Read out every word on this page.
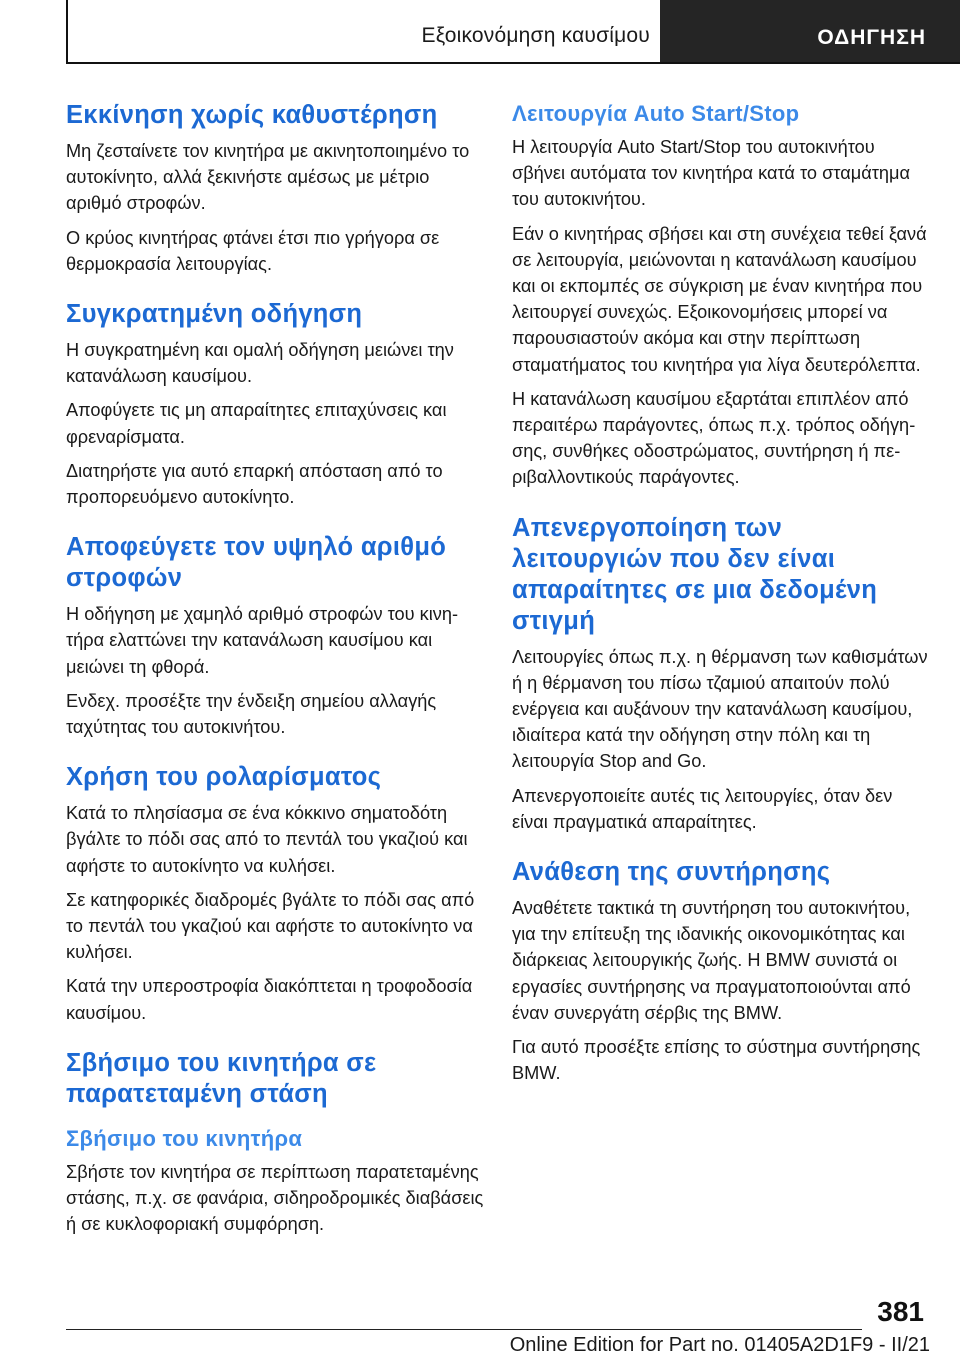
Εξοικονόμηση καυσίμου	ΟΔΗΓΗΣΗ
Εκκίνηση χωρίς καθυστέρηση

Μη ζεσταίνετε τον κινητήρα με ακινητοποιημένο το αυτοκίνητο, αλλά ξεκινήστε αμέσως με μέτριο αριθμό στροφών.

Ο κρύος κινητήρας φτάνει έτσι πιο γρήγορα σε θερμοκρασία λειτουργίας.

Συγκρατημένη οδήγηση

Η συγκρατημένη και ομαλή οδήγηση μειώνει την κατανάλωση καυσίμου.

Αποφύγετε τις μη απαραίτητες επιταχύνσεις και φρεναρίσματα.

Διατηρήστε για αυτό επαρκή απόσταση από το προπορευόμενο αυτοκίνητο.

Αποφεύγετε τον υψηλό αριθμό στροφών

Η οδήγηση με χαμηλό αριθμό στροφών του κινητήρα ελαττώνει την κατανάλωση καυσίμου και μειώνει τη φθορά.

Ενδεχ. προσέξτε την ένδειξη σημείου αλλαγής ταχύτητας του αυτοκινήτου.

Χρήση του ρολαρίσματος

Κατά το πλησίασμα σε ένα κόκκινο σηματοδότη βγάλτε το πόδι σας από το πεντάλ του γκαζιού και αφήστε το αυτοκίνητο να κυλήσει.

Σε κατηφορικές διαδρομές βγάλτε το πόδι σας από το πεντάλ του γκαζιού και αφήστε το αυτοκίνητο να κυλήσει.

Κατά την υπεροστροφία διακόπτεται η τροφοδοσία καυσίμου.

Σβήσιμο του κινητήρα σε παρατεταμένη στάση
Σβήσιμο του κινητήρα

Σβήστε τον κινητήρα σε περίπτωση παρατεταμένης στάσης, π.χ. σε φανάρια, σιδηροδρομικές διαβάσεις ή σε κυκλοφοριακή συμφόρηση.

Λειτουργία Auto Start/Stop

Η λειτουργία Auto Start/Stop του αυτοκινήτου σβήνει αυτόματα τον κινητήρα κατά το σταμάτημα του αυτοκινήτου.

Εάν ο κινητήρας σβήσει και στη συνέχεια τεθεί ξανά σε λειτουργία, μειώνονται η κατανάλωση καυσίμου και οι εκπομπές σε σύγκριση με έναν κινητήρα που λειτουργεί συνεχώς. Εξοικονομήσεις μπορεί να παρουσιαστούν ακόμα και στην περίπτωση σταματήματος του κινητήρα για λίγα δευτερόλεπτα.

Η κατανάλωση καυσίμου εξαρτάται επιπλέον από περαιτέρω παράγοντες, όπως π.χ. τρόπος οδήγησης, συνθήκες οδοστρώματος, συντήρηση ή περιβαλλοντικούς παράγοντες.

Απενεργοποίηση των λειτουργιών που δεν είναι απαραίτητες σε μια δεδομένη στιγμή

Λειτουργίες όπως π.χ. η θέρμανση των καθισμάτων ή η θέρμανση του πίσω τζαμιού απαιτούν πολύ ενέργεια και αυξάνουν την κατανάλωση καυσίμου, ιδιαίτερα κατά την οδήγηση στην πόλη και τη λειτουργία Stop and Go.

Απενεργοποιείτε αυτές τις λειτουργίες, όταν δεν είναι πραγματικά απαραίτητες.

Ανάθεση της συντήρησης

Αναθέτετε τακτικά τη συντήρηση του αυτοκινήτου, για την επίτευξη της ιδανικής οικονομικότητας και διάρκειας λειτουργικής ζωής. Η BMW συνιστά οι εργασίες συντήρησης να πραγματοποιούνται από έναν συνεργάτη σέρβις της BMW.

Για αυτό προσέξτε επίσης το σύστημα συντήρησης BMW.

381
Online Edition for Part no. 01405A2D1F9 - II/21
